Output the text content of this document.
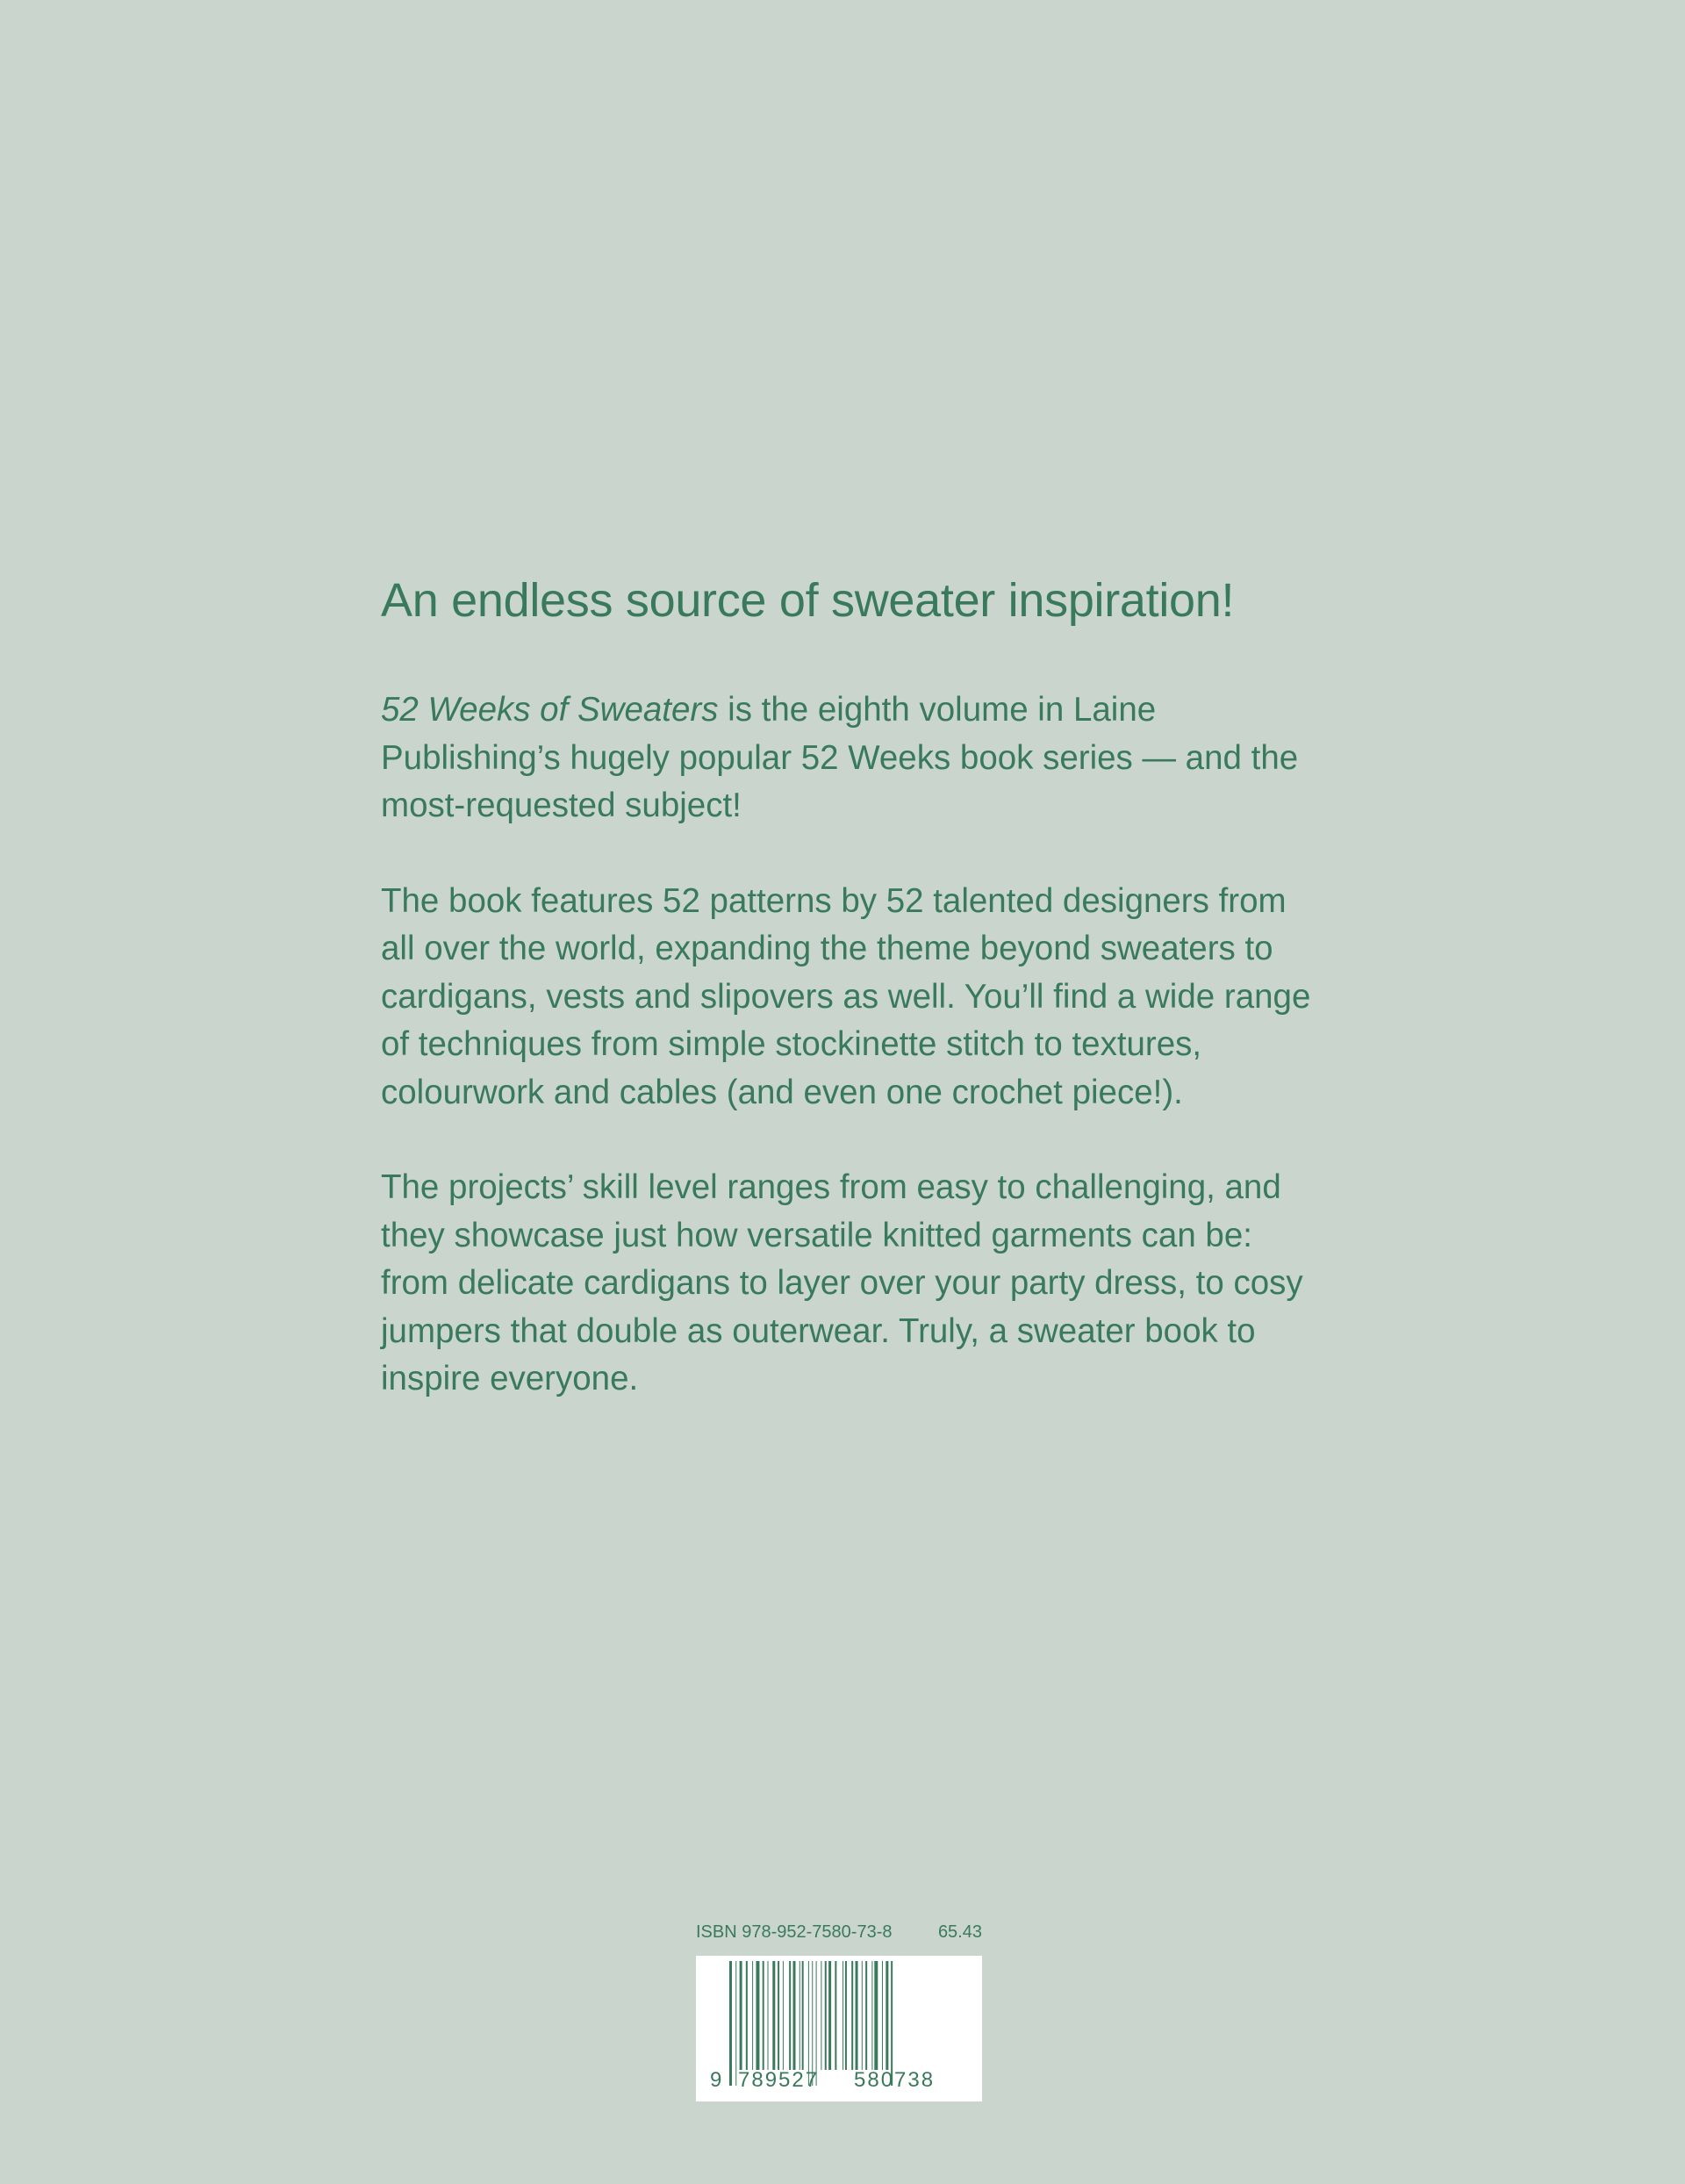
An endless source of sweater inspiration!

52 Weeks of Sweaters is the eighth volume in Laine Publishing’s hugely popular 52 Weeks book series — and the most-requested subject!

The book features 52 patterns by 52 talented designers from all over the world, expanding the theme beyond sweaters to cardigans, vests and slipovers as well. You’ll find a wide range of techniques from simple stockinette stitch to textures, colourwork and cables (and even one crochet piece!).

The projects’ skill level ranges from easy to challenging, and they showcase just how versatile knitted garments can be: from delicate cardigans to layer over your party dress, to cosy jumpers that double as outerwear. Truly, a sweater book to inspire everyone.

ISBN 978-952-7580-73-8	65.43
9 789527 580738
